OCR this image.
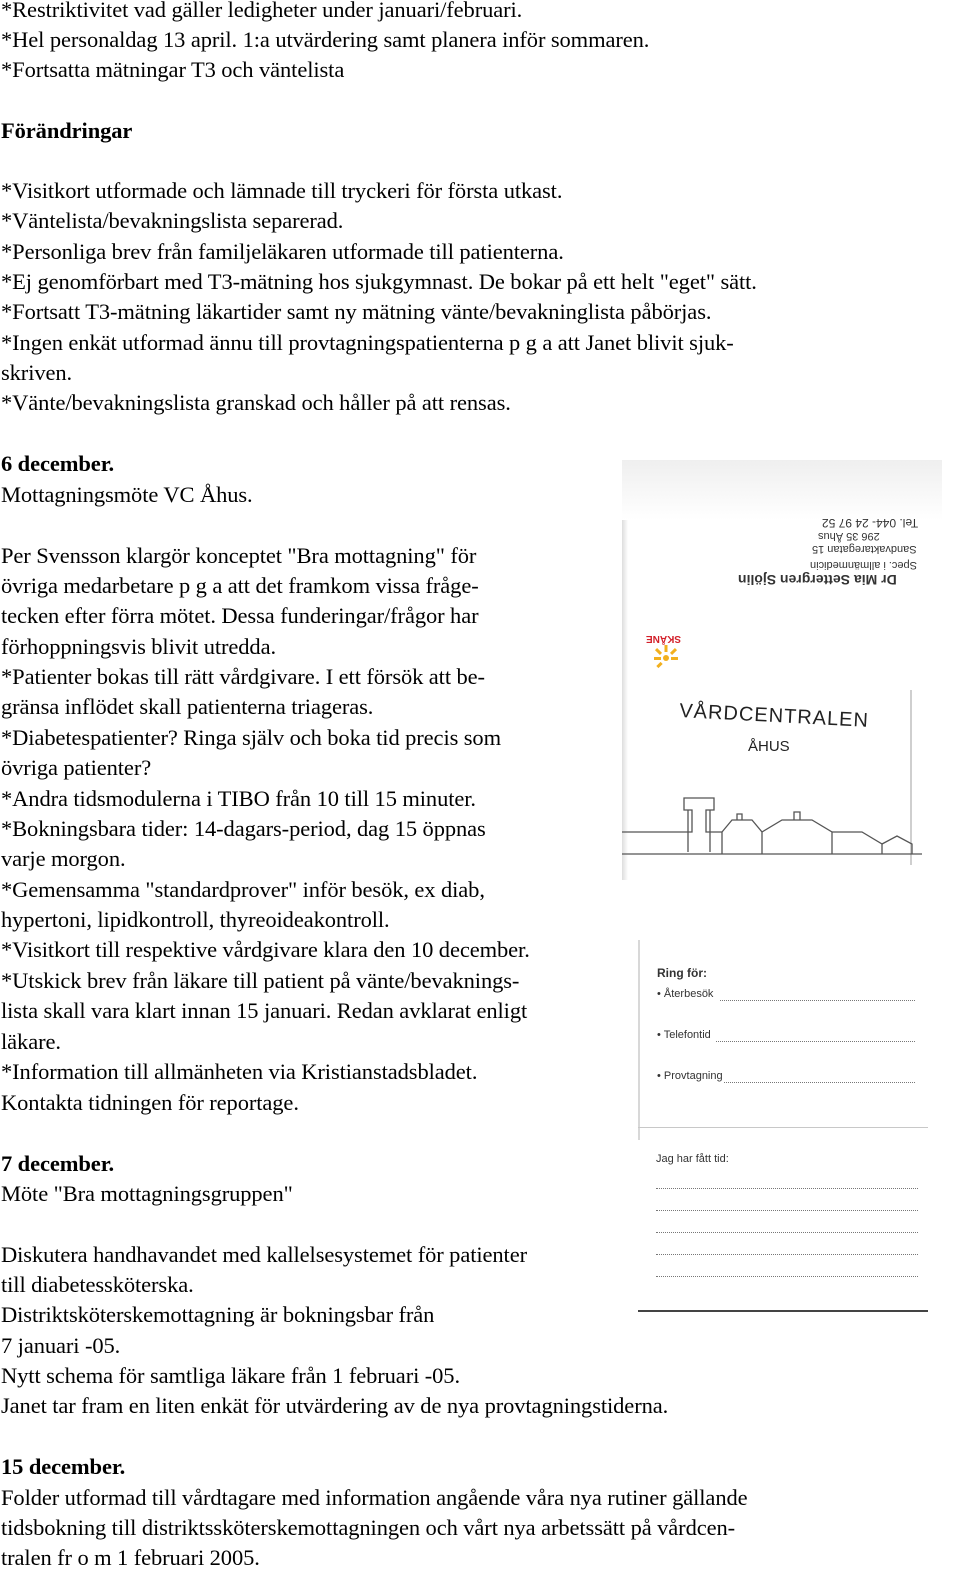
*Restriktivitet vad gäller ledigheter under januari/februari.
*Hel personaldag 13 april. 1:a utvärdering samt planera inför sommaren.
*Fortsatta mätningar T3 och väntelista
Förändringar
*Visitkort utformade och lämnade till tryckeri för första utkast.
*Väntelista/bevakningslista separerad.
*Personliga brev från familjeläkaren utformade till patienterna.
*Ej genomförbart med T3-mätning hos sjukgymnast. De bokar på ett helt "eget" sätt.
*Fortsatt T3-mätning läkartider samt ny mätning vänte/bevakninglista påbörjas.
*Ingen enkät utformad ännu till provtagningspatienterna p g a att Janet blivit sjuk-
skriven.
*Vänte/bevakningslista granskad och håller på att rensas.
6 december.
Mottagningsmöte VC Åhus.
Per Svensson klargör konceptet "Bra mottagning" för
övriga medarbetare p g a att det framkom vissa fråge-
tecken efter förra mötet. Dessa funderingar/frågor har
förhoppningsvis blivit utredda.
*Patienter bokas till rätt vårdgivare. I ett försök att be-
gränsa inflödet skall patienterna triageras.
*Diabetespatienter? Ringa själv och boka tid precis som
övriga patienter?
*Andra tidsmodulerna i TIBO från 10 till 15 minuter.
*Bokningsbara tider: 14-dagars-period, dag 15 öppnas
varje morgon.
*Gemensamma "standardprover" inför besök, ex diab,
hypertoni, lipidkontroll, thyreoideakontroll.
*Visitkort till respektive vårdgivare klara den 10 december.
*Utskick brev från läkare till patient på vänte/bevaknings-
lista skall vara klart innan 15 januari. Redan avklarat enligt
läkare.
*Information till allmänheten via Kristianstadsbladet.
Kontakta tidningen för reportage.
7 december.
Möte "Bra mottagningsgruppen"
Diskutera handhavandet med kallelsesystemet för patienter
till diabetessköterska.
Distriktsköterskemottagning är bokningsbar från
7 januari -05.
Nytt schema för samtliga läkare från 1 februari -05.
Janet tar fram en liten enkät för utvärdering av de nya provtagningstiderna.
15 december.
Folder utformad till vårdtagare med information angående våra nya rutiner gällande
tidsbokning till distriktssköterskemottagningen och vårt nya arbetssätt på vårdcen-
tralen fr o m 1 februari 2005.
Tel. 044- 24 97 52
296 35 Åhus
Sandvaktaregatan 15
Spec. i allmänmedicin
Dr Mia Settergren Sjölin
SKÅNE
VÅRDCENTRALEN
ÅHUS
Ring för:
• Återbesök
• Telefontid
• Provtagning
Jag har fått tid:
